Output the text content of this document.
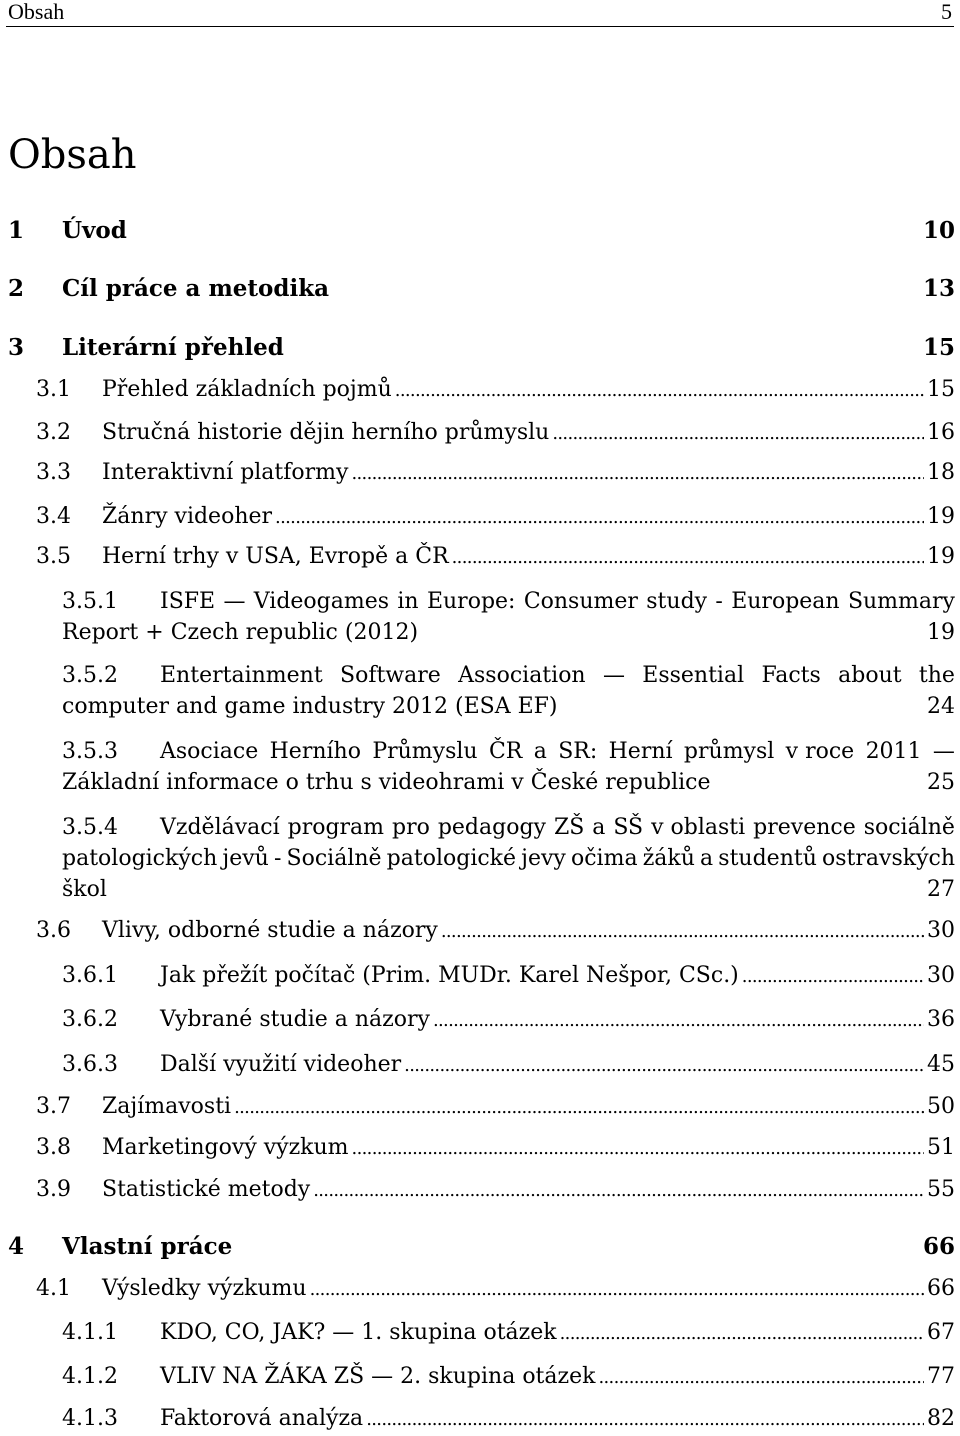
Obsah	5
Obsah
1 Úvod	10
2 Cíl práce a metodika	13
3 Literární přehled	15
3.1 Přehled základních pojmů . . .	15
3.2 Stručná historie dějin herního průmyslu . . .	16
3.3 Interaktivní platformy . . .	18
3.4 Žánry videoher . . .	19
3.5 Herní trhy v USA, Evropě a ČR . . .	19
3.5.1	ISFE — Videogames in Europe: Consumer study - European Summary
Report + Czech republic (2012)	19
3.5.2	Entertainment Software Association — Essential Facts about the
computer and game industry 2012 (ESA EF)	24
3.5.3	Asociace Herního Průmyslu ČR a SR: Herní průmysl v roce 2011 —
Základní informace o trhu s videohrami v České republice	25
3.5.4	Vzdělávací program pro pedagogy ZŠ a SŠ v oblasti prevence sociálně
patologických jevů - Sociálně patologické jevy očima žáků a studentů ostravských
škol	27
3.6 Vlivy, odborné studie a názory . . .	30
3.6.1 Jak přežít počítač (Prim. MUDr. Karel Nešpor, CSc.) . . .	30
3.6.2 Vybrané studie a názory . . .	36
3.6.3 Další využití videoher . . .	45
3.7 Zajímavosti . . .	50
3.8 Marketingový výzkum . . .	51
3.9 Statistické metody . . .	55
4 Vlastní práce	66
4.1 Výsledky výzkumu . . .	66
4.1.1 KDO, CO, JAK? — 1. skupina otázek . . .	67
4.1.2 VLIV NA ŽÁKA ZŠ — 2. skupina otázek . . .	77
4.1.3 Faktorová analýza . . .	82
